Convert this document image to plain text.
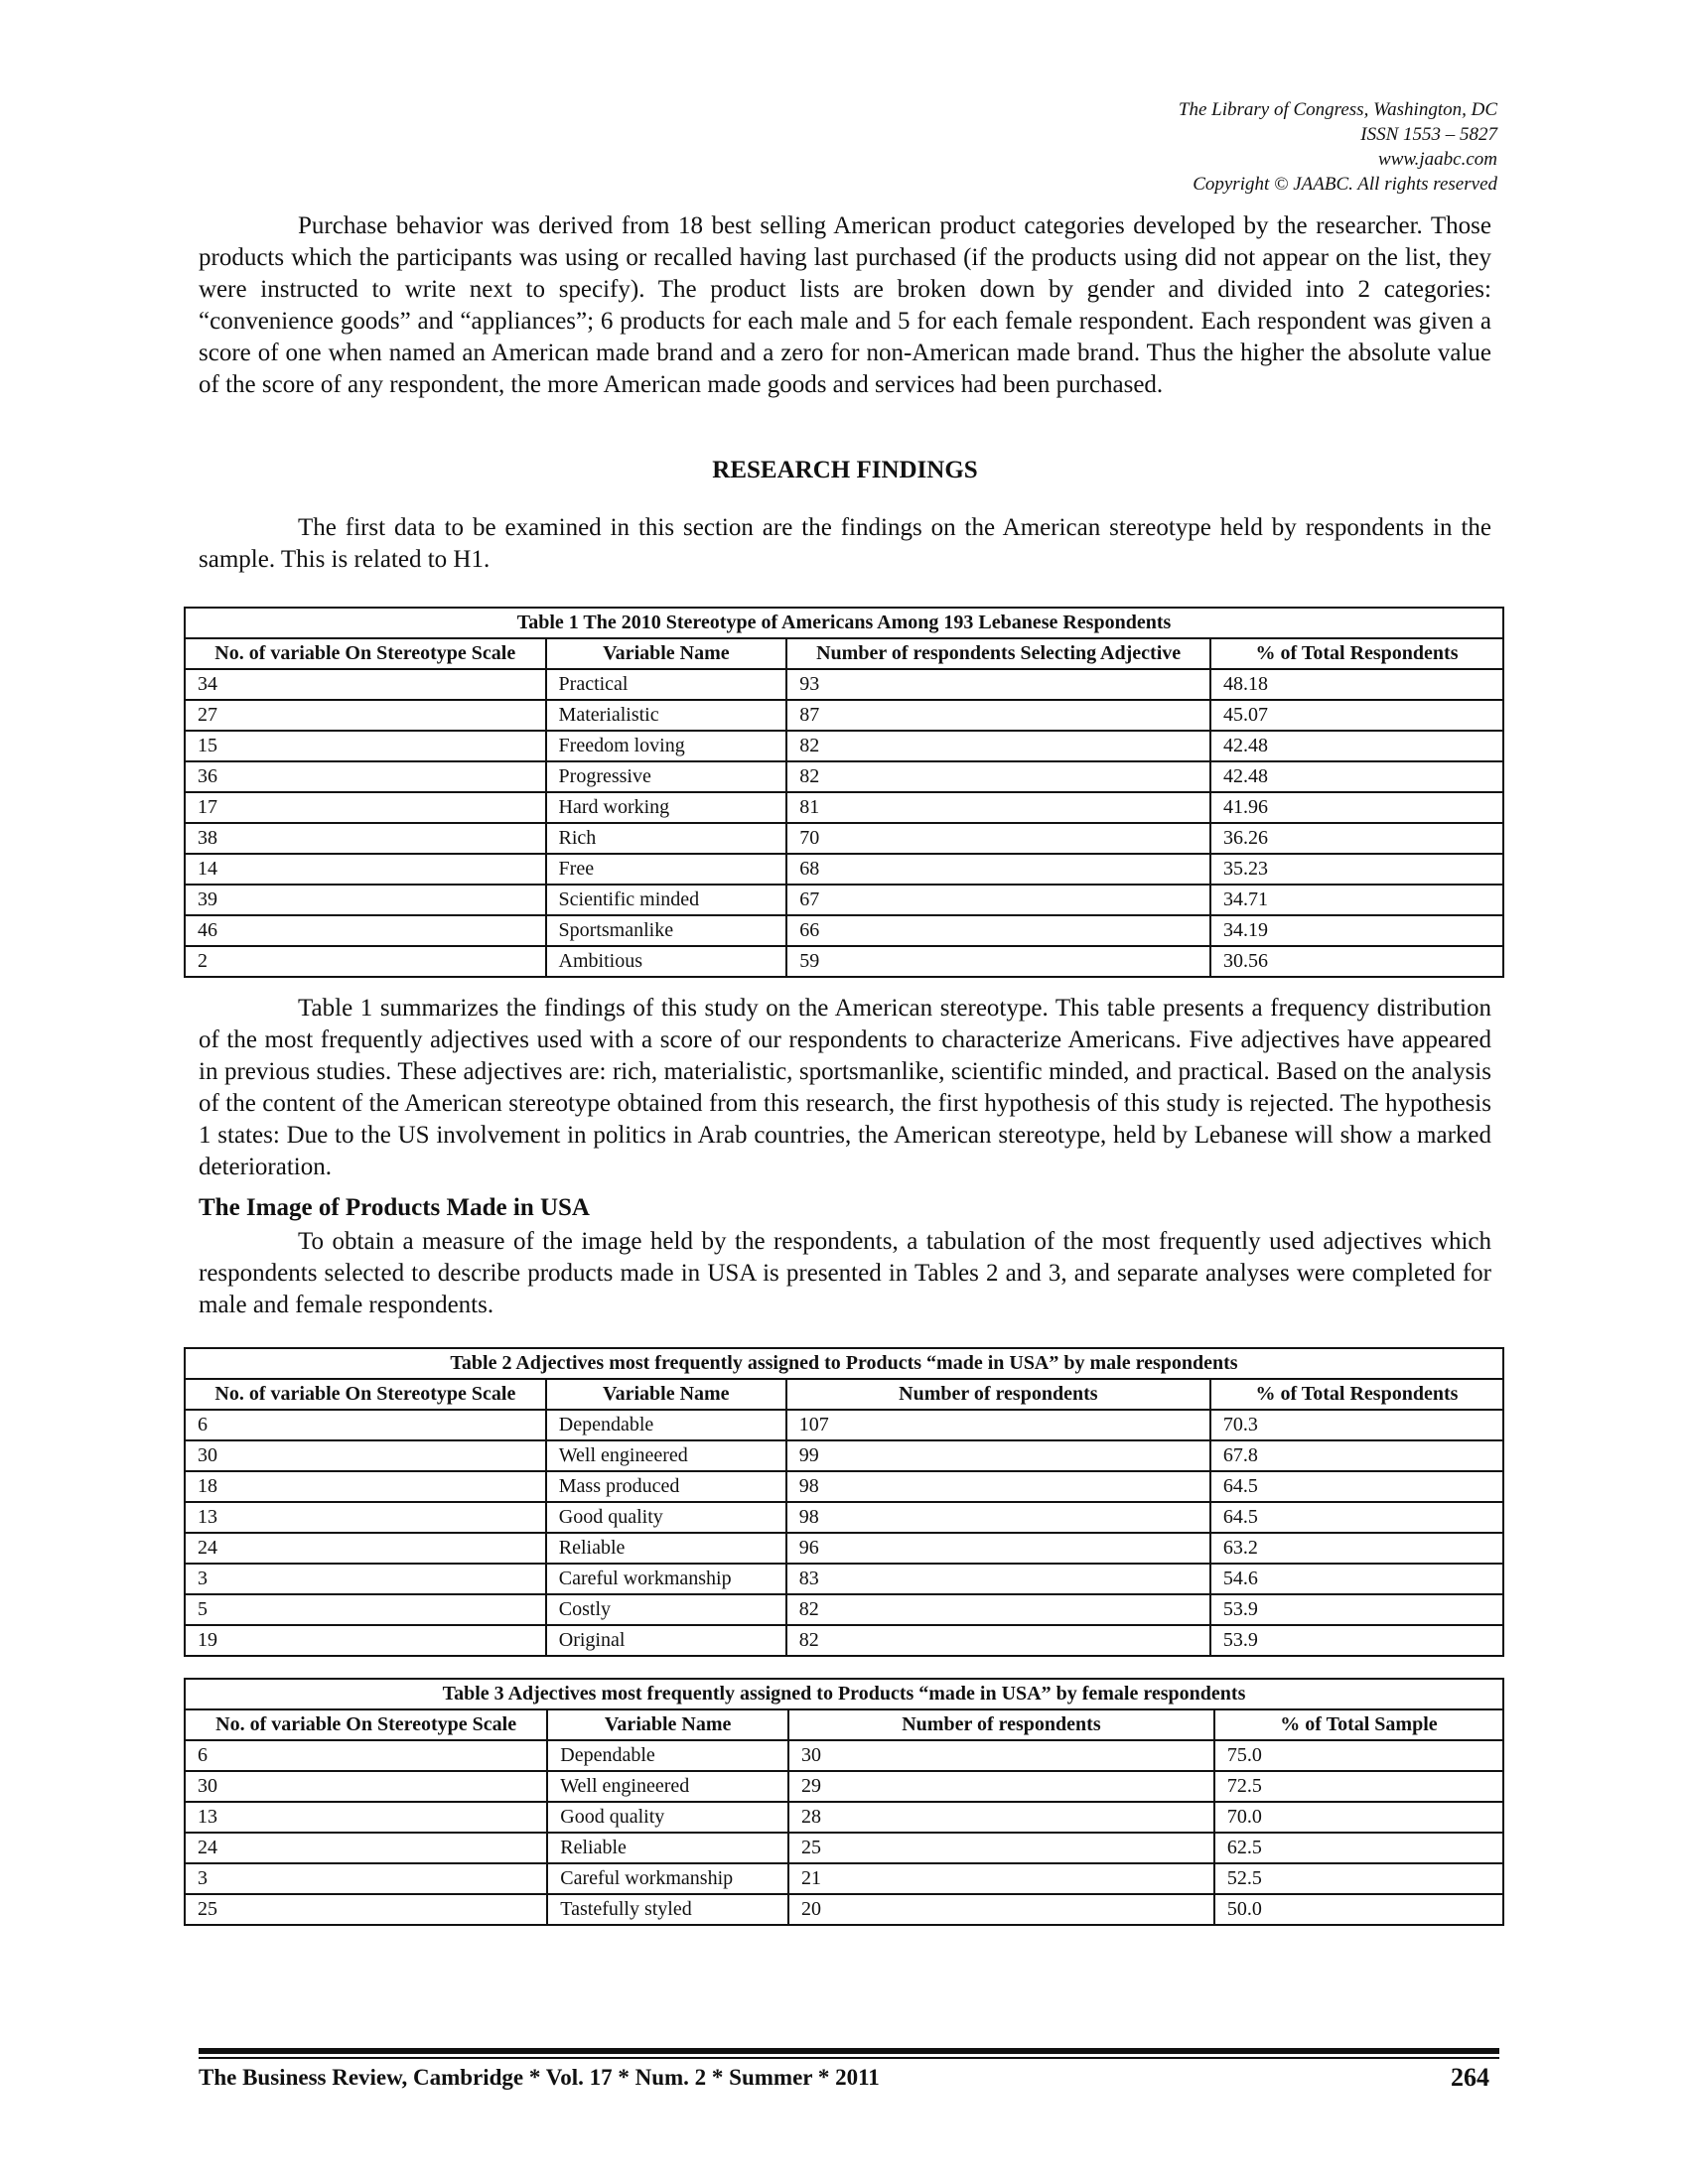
The Library of Congress, Washington, DC
ISSN 1553 – 5827
www.jaabc.com
Copyright © JAABC. All rights reserved

Purchase behavior was derived from 18 best selling American product categories developed by the researcher. Those products which the participants was using or recalled having last purchased (if the products using did not appear on the list, they were instructed to write next to specify). The product lists are broken down by gender and divided into 2 categories: “convenience goods” and “appliances”; 6 products for each male and 5 for each female respondent. Each respondent was given a score of one when named an American made brand and a zero for non-American made brand. Thus the higher the absolute value of the score of any respondent, the more American made goods and services had been purchased.

RESEARCH FINDINGS

The first data to be examined in this section are the findings on the American stereotype held by respondents in the sample. This is related to H1.

Table 1 The 2010 Stereotype of Americans Among 193 Lebanese Respondents			
No. of variable On Stereotype Scale	Variable Name	Number of respondents Selecting Adjective	% of Total Respondents
34	Practical	93	48.18
27	Materialistic	87	45.07
15	Freedom loving	82	42.48
36	Progressive	82	42.48
17	Hard working	81	41.96
38	Rich	70	36.26
14	Free	68	35.23
39	Scientific minded	67	34.71
46	Sportsmanlike	66	34.19
2	Ambitious	59	30.56

Table 1 summarizes the findings of this study on the American stereotype. This table presents a frequency distribution of the most frequently adjectives used with a score of our respondents to characterize Americans. Five adjectives have appeared in previous studies. These adjectives are: rich, materialistic, sportsmanlike, scientific minded, and practical. Based on the analysis of the content of the American stereotype obtained from this research, the first hypothesis of this study is rejected. The hypothesis 1 states: Due to the US involvement in politics in Arab countries, the American stereotype, held by Lebanese will show a marked deterioration.

The Image of Products Made in USA

To obtain a measure of the image held by the respondents, a tabulation of the most frequently used adjectives which respondents selected to describe products made in USA is presented in Tables 2 and 3, and separate analyses were completed for male and female respondents.

Table 2 Adjectives most frequently assigned to Products “made in USA” by male respondents			
No. of variable On Stereotype Scale	Variable Name	Number of respondents	% of Total Respondents
6	Dependable	107	70.3
30	Well engineered	99	67.8
18	Mass produced	98	64.5
13	Good quality	98	64.5
24	Reliable	96	63.2
3	Careful workmanship	83	54.6
5	Costly	82	53.9
19	Original	82	53.9
Table 3 Adjectives most frequently assigned to Products “made in USA” by female respondents			
No. of variable On Stereotype Scale	Variable Name	Number of respondents	% of Total Sample
6	Dependable	30	75.0
30	Well engineered	29	72.5
13	Good quality	28	70.0
24	Reliable	25	62.5
3	Careful workmanship	21	52.5
25	Tastefully styled	20	50.0
The Business Review, Cambridge * Vol. 17 * Num. 2 * Summer * 2011	264
